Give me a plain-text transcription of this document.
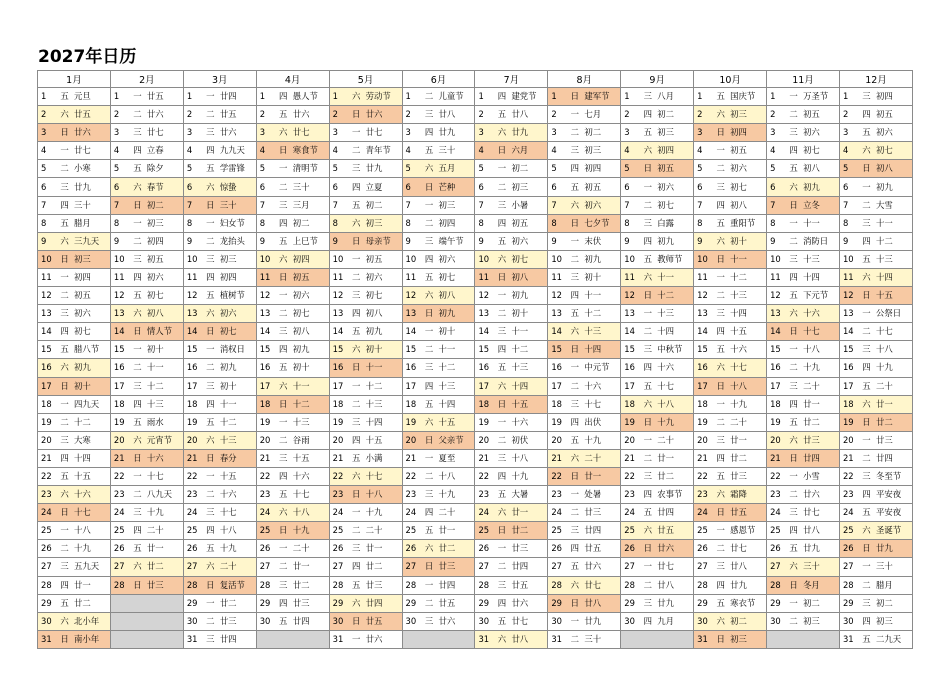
2027年日历
1月	2月	3月	4月	5月	6月	7月	8月	9月	10月	11月	12月
1 五 元旦	1 一 廿五	1 一 廿四	1 四 愚人节	1 六 劳动节	1 二 儿童节	1 四 建党节	1 日 建军节	1 三 八月	1 五 国庆节	1 一 万圣节	1 三 初四
2 六 廿五	2 二 廿六	2 二 廿五	2 五 廿六	2 日 廿六	2 三 廿八	2 五 廿八	2 一 七月	2 四 初二	2 六 初三	2 二 初五	2 四 初五
3 日 廿六	3 三 廿七	3 三 廿六	3 六 廿七	3 一 廿七	3 四 廿九	3 六 廿九	3 二 初二	3 五 初三	3 日 初四	3 三 初六	3 五 初六
4 一 廿七	4 四 立春	4 四 九九天	4 日 寒食节	4 二 青年节	4 五 三十	4 日 六月	4 三 初三	4 六 初四	4 一 初五	4 四 初七	4 六 初七
5 二 小寒	5 五 除夕	5 五 学雷锋	5 一 清明节	5 三 廿九	5 六 五月	5 一 初二	5 四 初四	5 日 初五	5 二 初六	5 五 初八	5 日 初八
6 三 廿九	6 六 春节	6 六 惊蛰	6 二 三十	6 四 立夏	6 日 芒种	6 二 初三	6 五 初五	6 一 初六	6 三 初七	6 六 初九	6 一 初九
7 四 三十	7 日 初二	7 日 三十	7 三 三月	7 五 初二	7 一 初三	7 三 小暑	7 六 初六	7 二 初七	7 四 初八	7 日 立冬	7 二 大雪
8 五 腊月	8 一 初三	8 一 妇女节	8 四 初二	8 六 初三	8 二 初四	8 四 初五	8 日 七夕节	8 三 白露	8 五 重阳节	8 一 十一	8 三 十一
9 六 三九天	9 二 初四	9 二 龙抬头	9 五 上巳节	9 日 母亲节	9 三 端午节	9 五 初六	9 一 末伏	9 四 初九	9 六 初十	9 二 消防日	9 四 十二
10 日 初三	10 三 初五	10 三 初三	10 六 初四	10 一 初五	10 四 初六	10 六 初七	10 二 初九	10 五 教师节	10 日 十一	10 三 十三	10 五 十三
11 一 初四	11 四 初六	11 四 初四	11 日 初五	11 二 初六	11 五 初七	11 日 初八	11 三 初十	11 六 十一	11 一 十二	11 四 十四	11 六 十四
12 二 初五	12 五 初七	12 五 植树节	12 一 初六	12 三 初七	12 六 初八	12 一 初九	12 四 十一	12 日 十二	12 二 十三	12 五 下元节	12 日 十五
13 三 初六	13 六 初八	13 六 初六	13 二 初七	13 四 初八	13 日 初九	13 二 初十	13 五 十二	13 一 十三	13 三 十四	13 六 十六	13 一 公祭日
14 四 初七	14 日 情人节	14 日 初七	14 三 初八	14 五 初九	14 一 初十	14 三 十一	14 六 十三	14 二 十四	14 四 十五	14 日 十七	14 二 十七
15 五 腊八节	15 一 初十	15 一 消权日	15 四 初九	15 六 初十	15 二 十一	15 四 十二	15 日 十四	15 三 中秋节	15 五 十六	15 一 十八	15 三 十八
16 六 初九	16 二 十一	16 二 初九	16 五 初十	16 日 十一	16 三 十二	16 五 十三	16 一 中元节	16 四 十六	16 六 十七	16 二 十九	16 四 十九
17 日 初十	17 三 十二	17 三 初十	17 六 十一	17 一 十二	17 四 十三	17 六 十四	17 二 十六	17 五 十七	17 日 十八	17 三 二十	17 五 二十
18 一 四九天	18 四 十三	18 四 十一	18 日 十二	18 二 十三	18 五 十四	18 日 十五	18 三 十七	18 六 十八	18 一 十九	18 四 廿一	18 六 廿一
19 二 十二	19 五 雨水	19 五 十二	19 一 十三	19 三 十四	19 六 十五	19 一 十六	19 四 出伏	19 日 十九	19 二 二十	19 五 廿二	19 日 廿二
20 三 大寒	20 六 元宵节	20 六 十三	20 二 谷雨	20 四 十五	20 日 父亲节	20 二 初伏	20 五 十九	20 一 二十	20 三 廿一	20 六 廿三	20 一 廿三
21 四 十四	21 日 十六	21 日 春分	21 三 十五	21 五 小满	21 一 夏至	21 三 十八	21 六 二十	21 二 廿一	21 四 廿二	21 日 廿四	21 二 廿四
22 五 十五	22 一 十七	22 一 十五	22 四 十六	22 六 十七	22 二 十八	22 四 十九	22 日 廿一	22 三 廿二	22 五 廿三	22 一 小雪	22 三 冬至节
23 六 十六	23 二 八九天	23 二 十六	23 五 十七	23 日 十八	23 三 十九	23 五 大暑	23 一 处暑	23 四 农事节	23 六 霜降	23 二 廿六	23 四 平安夜
24 日 十七	24 三 十九	24 三 十七	24 六 十八	24 一 十九	24 四 二十	24 六 廿一	24 二 廿三	24 五 廿四	24 日 廿五	24 三 廿七	24 五 平安夜
25 一 十八	25 四 二十	25 四 十八	25 日 十九	25 二 二十	25 五 廿一	25 日 廿二	25 三 廿四	25 六 廿五	25 一 感恩节	25 四 廿八	25 六 圣诞节
26 二 十九	26 五 廿一	26 五 十九	26 一 二十	26 三 廿一	26 六 廿二	26 一 廿三	26 四 廿五	26 日 廿六	26 二 廿七	26 五 廿九	26 日 廿九
27 三 五九天	27 六 廿二	27 六 二十	27 二 廿一	27 四 廿二	27 日 廿三	27 二 廿四	27 五 廿六	27 一 廿七	27 三 廿八	27 六 三十	27 一 三十
28 四 廿一	28 日 廿三	28 日 复活节	28 三 廿二	28 五 廿三	28 一 廿四	28 三 廿五	28 六 廿七	28 二 廿八	28 四 廿九	28 日 冬月	28 二 腊月
29 五 廿二		29 一 廿二	29 四 廿三	29 六 廿四	29 二 廿五	29 四 廿六	29 日 廿八	29 三 廿九	29 五 寒衣节	29 一 初二	29 三 初二
30 六 北小年		30 二 廿三	30 五 廿四	30 日 廿五	30 三 廿六	30 五 廿七	30 一 廿九	30 四 九月	30 六 初二	30 二 初三	30 四 初三
31 日 南小年		31 三 廿四		31 一 廿六		31 六 廿八	31 二 三十		31 日 初三		31 五 二九天
